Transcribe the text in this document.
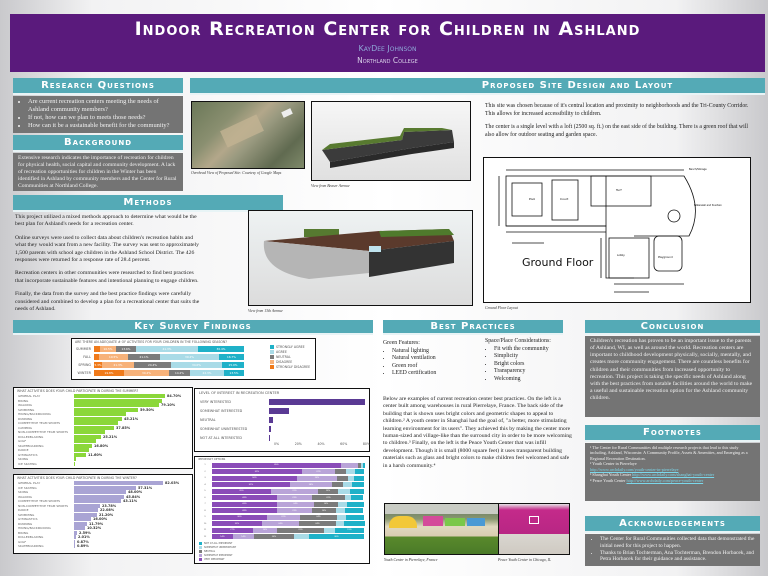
Indoor Recreation Center for Children in Ashland
KayDee Johnson
Northland College
Research Questions
• Are current recreation centers meeting the needs of Ashland community members?
• If not, how can we plan to meets those needs?
• How can it be a sustainable benefit for the community?
Background
Extensive research indicates the importance of recreation for children for physical health, social capital and community development. A lack of recreation opportunities for children in the Winter has been identified in Ashland by community members and the Center for Rural Communities at Northland College.
Methods

This project utilized a mixed methods approach to determine what would be the best plan for Ashland's needs for a recreation center.

Online surveys were used to collect data about children's recreation habits and what they would want from a new facility. The survey was sent to approximately 1,500 parents with school age children in the Ashland School District. The 426 responses were returned for a response rate of 28.4 percent.

Recreation centers in other communities were researched to find best practices that incorporate sustainable features and intentional planning to engage children.

Finally, the data from the survey and the best practice findings were carefully considered and combined to develop a plan for a recreational center that suits the needs of Ashland.

Proposed Site Design and Layout
Overhead View of Proposed Site: Courtesy of Google Maps
View from Beaser Avenue
View from 13th Avenue

This site was chosen because of it's central location and proximity to neighborhoods and the Tri-County Corridor. This allows for increased accessibility to children.

The center is a single level with a loft (2500 sq. ft.) on the east side of the building. There is a green roof that will also allow for outdoor seating and garden space.

Pool	Court
Turf
Lobby
Playground
Bench/Storage
Waterwall and fountain
Ground Floor
Ground Floor Layout
Key Survey Findings
ARE THERE AN ADEQUATE # OF ACTIVITIES FOR YOUR CHILDREN IN THE FOLLOWING SEASON?
SUMMER	10.5%	13.6%	41.3%	30.4%
FALL	19.5%	21.1%	39.2%	16.7%
SPRING	5.3%	21.3%	24.4%	34.0%	15.0%
WINTER	19.8%	30.2%	14.2%	22.3%	13.5%
STRONGLY AGREE
AGREE
NEUTRAL
DISAGREE
STRONGLY DISAGREE
WHAT ACTIVITIES DOES YOUR CHILD PARTICIPATE IN DURING THE SUMMER?
GENERAL PLAY	84.70%
BIKING
WALKING	79.10%
SWIMMING	59.50%
HIKING/BACKPACKING
RUNNING	45.21%
COMPETITIVE TEAM SPORTS
CAMPING	37.85%
NON-COMPETITIVE TEAM SPORTS
ROLLERBLADING	25.21%
GOLF
SKATEBOARDING	16.80%
DANCE
GYMNASTICS	11.60%
SKIING
ICE SKATING
WHAT ACTIVITIES DOES YOUR CHILD PARTICIPATE IN DURING THE WINTER?
GENERAL PLAY	82.03%
ICE SKATING	57.31%
SKIING	48.00%
WALKING	45.84%
COMPETITIVE TEAM SPORTS	43.11%
NON-COMPETITIVE TEAM SPORTS	23.78%
DANCE	22.08%
SWIMMING	21.20%
GYMNASTICS	16.00%
RUNNING	11.79%
HIKING/BACKPACKING	10.32%
BIKING	2.59%
ROLLERBLADING	2.01%
GOLF	0.87%
SKATEBOARDING	0.89%
LEVEL OF INTEREST IN RECREATION CENTER
VERY INTERESTED
SOMEWHAT INTERESTED
NEUTRAL
SOMEWHAT UNINTERESTED
NOT AT ALL INTERESTED
0%	20%	40%	60%	80%
IMPORTANT OPTIONS
1	85%
2	59%	22%
3	56%	26%
4	51%	28%
5	39%	31%	13%
6	43%	23%	22%
7	43%	24%	16%
8	43%	23%	16%
9	36%	22%	24%
10	33%	24%	24%
11	27%	16%	31%	19%
12	14%	14%	26%	36%
NOT AT ALL IMPORTANT
SOMEWHAT UNIMPORTANT
NEUTRAL
SOMEWHAT IMPORTANT
VERY IMPORTANT
Best Practices
Green Features:
• Natural lighting
• Natural ventilation
• Green roof
• LEED certification
Space/Place Considerations:
• Fit with the community
• Simplicity
• Bright colors
• Transparency
• Welcoming
Below are examples of current recreation center best practices. On the left is a center built among warehouses in rural Pierrelaye, France. The back side of the building that is shown uses bright colors and geometric shapes to appeal to children.² A youth center in Shanghai had the goal of, "a better, more stimulating learning environment for its users". They achieved this by making the center more human-sized and village-like than the surround city in order to be more welcoming to children.³ Finally, on the left is the Peace Youth Center that was infill development. Though it is small (8000 square feet) it uses transparent building materials such as glass and bright colors to make children feel welcomed and safe in a harsh community.⁴
Youth Center in Pierrelaye, France	Peace Youth Center in Chicago, IL
Conclusion
Children's recreation has proven to be an important issue to the parents of Ashland, WI, as well as around the world. Recreation centers are important to childhood development physically, socially, mentally, and creates more community engagement. There are countless benefits for children and their communities from increased opportunity to recreation. This project is taking the specific needs of Ashland along with the best practices from notable facilities around the world to make a useful and sustainable recreation option for the Ashland community children.
Footnotes
¹ The Center for Rural Communities did multiple research projects that lead to this study including, Ashland, Wisconsin: A Community Profile, Assets & Amenities, and Emerging as a Regional Recreation Destination.
² Youth Center in Pierrelaye
http://www.archdaily.com/youth-center-in-pierrelaye
³ Shanghai Youth Center http://www.archdaily.com/shanghai-youth-center
⁴ Peace Youth Center http://www.archdaily.com/peace-youth-center
Acknowledgements
• The Center for Rural Communities collected data that demonstrated the initial need for this project to happen.
• Thanks to Brian Tochterman, Ana Tochterman, Brendon Horbacek, and Petra Horbacek for their guidance and assistance.
